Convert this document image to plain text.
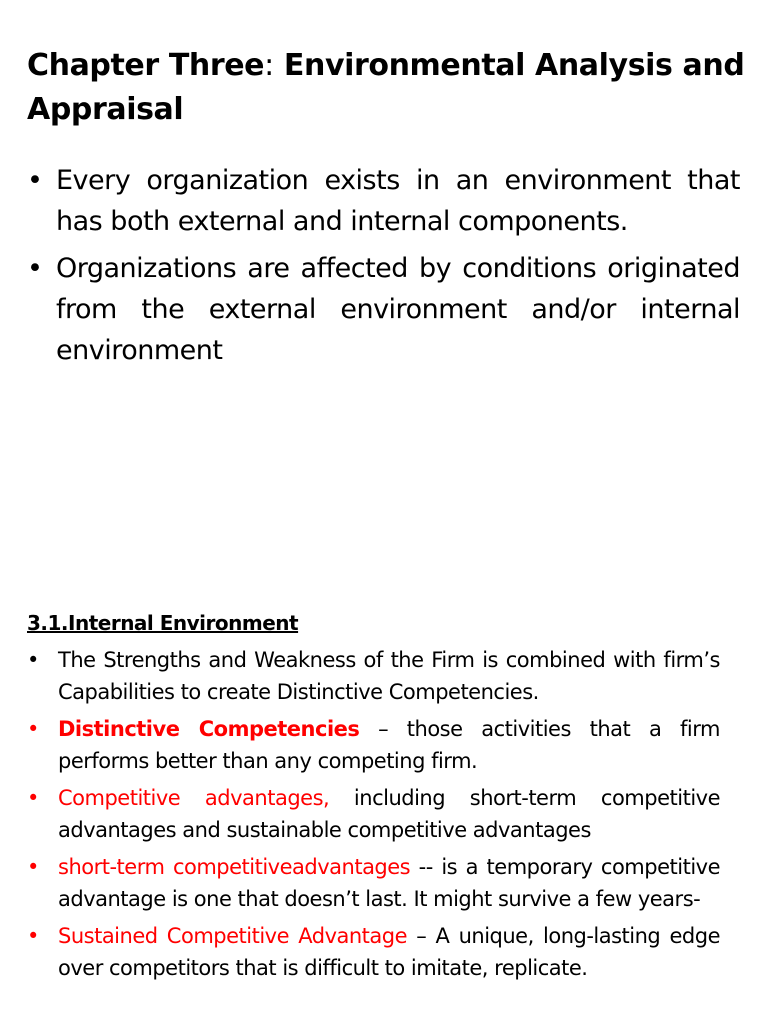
Chapter Three: Environmental Analysis and Appraisal
• Every organization exists in an environment that has both external and internal components.
• Organizations are affected by conditions originated from the external environment and/or internal environment
3.1.Internal Environment
• The Strengths and Weakness of the Firm is combined with firm’s Capabilities to create Distinctive Competencies.
• Distinctive Competencies – those activities that a firm performs better than any competing firm.
• Competitive advantages, including short-term competitive advantages and sustainable competitive advantages
• short-term competitiveadvantages -- is a temporary competitive advantage is one that doesn’t last. It might survive a few years-
• Sustained Competitive Advantage – A unique, long-lasting edge over competitors that is difficult to imitate, replicate.
